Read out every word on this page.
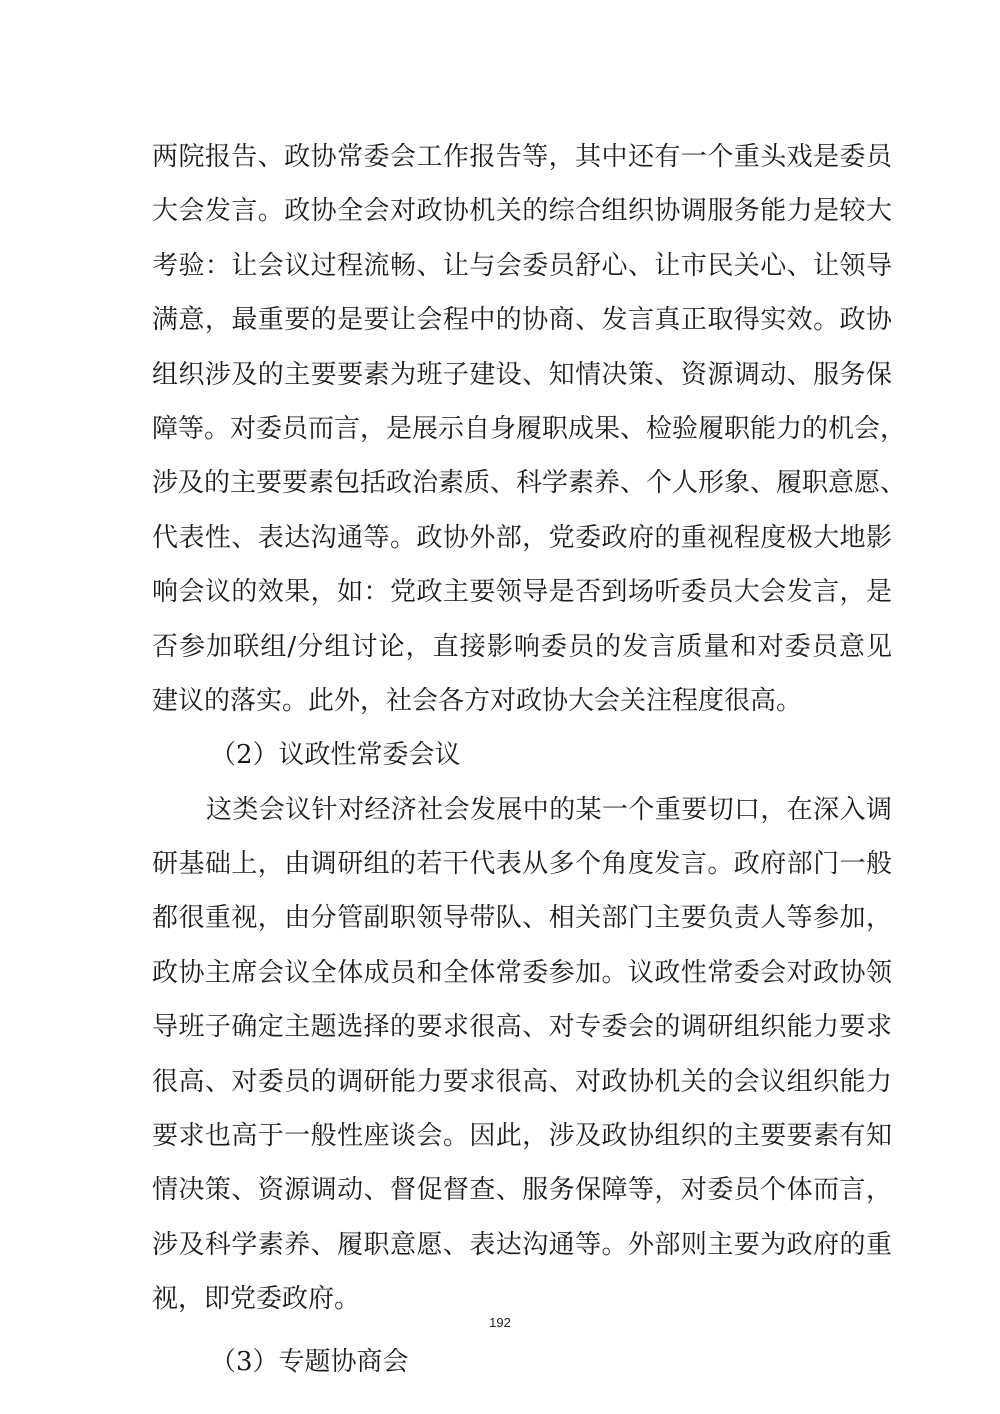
两院报告、政协常委会工作报告等，其中还有一个重头戏是委员
大会发言。政协全会对政协机关的综合组织协调服务能力是较大
考验：让会议过程流畅、让与会委员舒心、让市民关心、让领导
满意，最重要的是要让会程中的协商、发言真正取得实效。政协
组织涉及的主要要素为班子建设、知情决策、资源调动、服务保
障等。对委员而言，是展示自身履职成果、检验履职能力的机会，
涉及的主要要素包括政治素质、科学素养、个人形象、履职意愿、
代表性、表达沟通等。政协外部，党委政府的重视程度极大地影
响会议的效果，如：党政主要领导是否到场听委员大会发言，是
否参加联组/分组讨论，直接影响委员的发言质量和对委员意见
建议的落实。此外，社会各方对政协大会关注程度很高。
（2）议政性常委会议
这类会议针对经济社会发展中的某一个重要切口，在深入调
研基础上，由调研组的若干代表从多个角度发言。政府部门一般
都很重视，由分管副职领导带队、相关部门主要负责人等参加，
政协主席会议全体成员和全体常委参加。议政性常委会对政协领
导班子确定主题选择的要求很高、对专委会的调研组织能力要求
很高、对委员的调研能力要求很高、对政协机关的会议组织能力
要求也高于一般性座谈会。因此，涉及政协组织的主要要素有知
情决策、资源调动、督促督查、服务保障等，对委员个体而言，
涉及科学素养、履职意愿、表达沟通等。外部则主要为政府的重
视，即党委政府。
（3）专题协商会
192
